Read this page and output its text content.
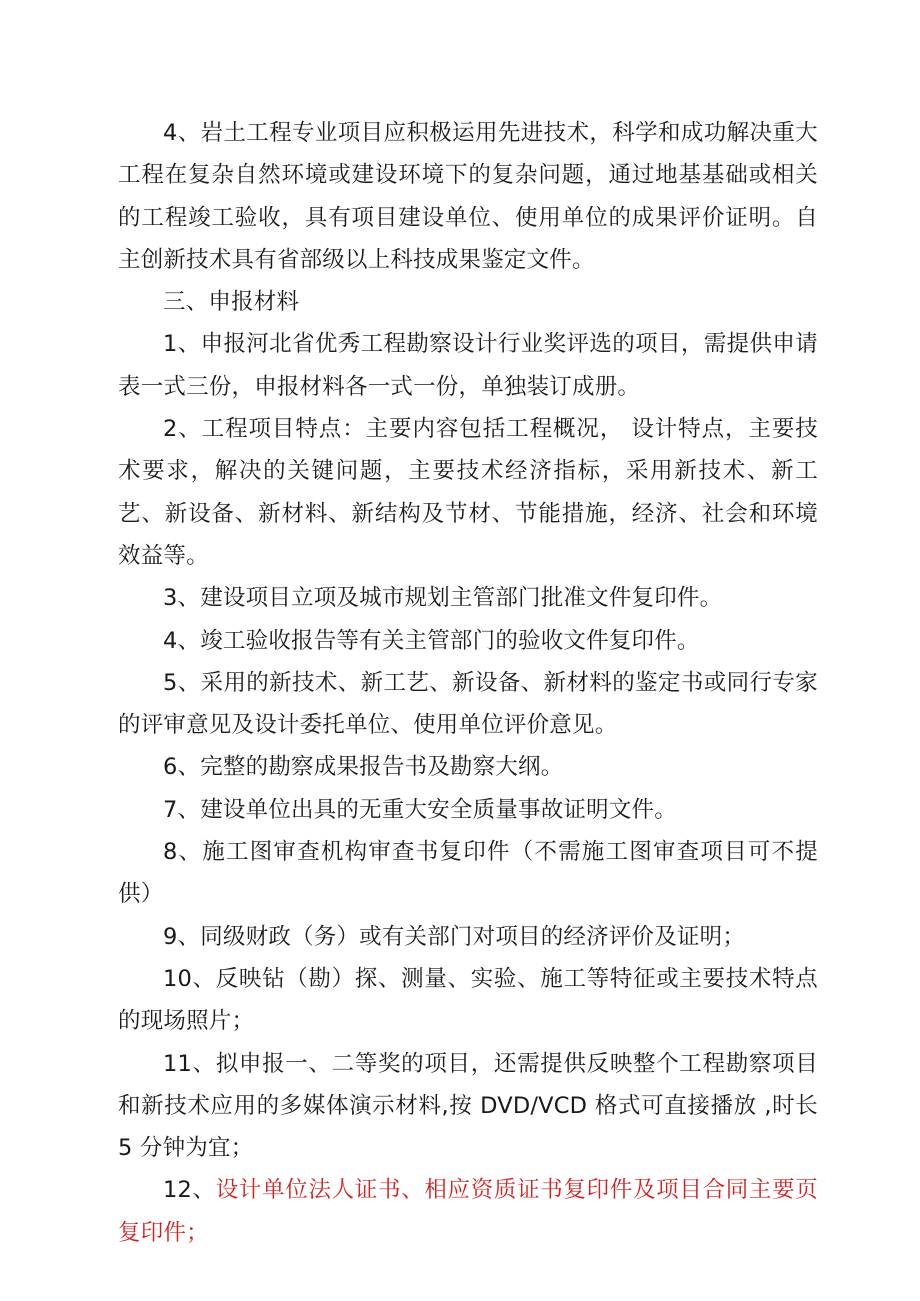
4、岩土工程专业项目应积极运用先进技术，科学和成功解决重大工程在复杂自然环境或建设环境下的复杂问题，通过地基基础或相关的工程竣工验收，具有项目建设单位、使用单位的成果评价证明。自主创新技术具有省部级以上科技成果鉴定文件。

三、申报材料

1、申报河北省优秀工程勘察设计行业奖评选的项目，需提供申请表一式三份，申报材料各一式一份，单独装订成册。

2、工程项目特点：主要内容包括工程概况， 设计特点，主要技术要求，解决的关键问题，主要技术经济指标，采用新技术、新工艺、新设备、新材料、新结构及节材、节能措施，经济、社会和环境效益等。

3、建设项目立项及城市规划主管部门批准文件复印件。

4、竣工验收报告等有关主管部门的验收文件复印件。

5、采用的新技术、新工艺、新设备、新材料的鉴定书或同行专家的评审意见及设计委托单位、使用单位评价意见。

6、完整的勘察成果报告书及勘察大纲。

7、建设单位出具的无重大安全质量事故证明文件。

8、施工图审查机构审查书复印件（不需施工图审查项目可不提供）

9、同级财政（务）或有关部门对项目的经济评价及证明；

10、反映钻（勘）探、测量、实验、施工等特征或主要技术特点的现场照片；

11、拟申报一、二等奖的项目，还需提供反映整个工程勘察项目和新技术应用的多媒体演示材料,按 DVD/VCD 格式可直接播放 ,时长 5 分钟为宜；

12、设计单位法人证书、相应资质证书复印件及项目合同主要页复印件；
